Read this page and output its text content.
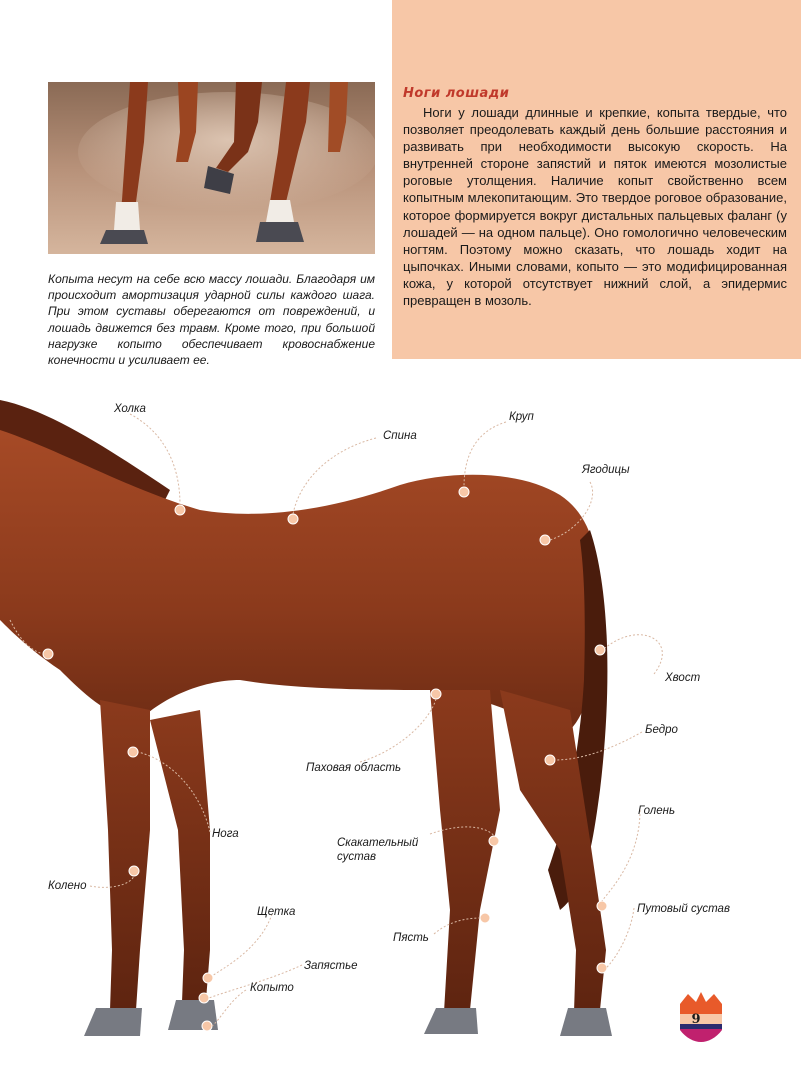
Ноги лошади

Ноги у лошади длинные и крепкие, копыта твердые, что позволяет преодолевать каждый день большие расстояния и развивать при необходимости высокую скорость. На внутренней стороне запястий и пяток имеются мозолистые роговые утолщения. Наличие копыт свойственно всем копытным млекопитающим. Это твердое роговое образование, которое формируется вокруг дистальных пальцевых фаланг (у лошадей — на одном пальце). Оно гомологично человеческим ногтям. Поэтому можно сказать, что лошадь ходит на цыпочках. Иными словами, копыто — это модифицированная кожа, у которой отсутствует нижний слой, а эпидермис превращен в мозоль.

Копыта несут на себе всю массу лошади. Благодаря им происходит амортизация ударной силы каждого шага. При этом суставы оберегаются от повреждений, и лошадь движется без травм. Кроме того, при большой нагрузке копыто обеспечивает кровоснабжение конечности и усиливает ее.
Холка
Спина
Круп
Ягодицы
Хвост
Бедро
Паховая область
Нога
Скакательный
сустав
Голень
Колено
Щетка
Пясть
Путовый сустав
Запястье
Копыто
9
